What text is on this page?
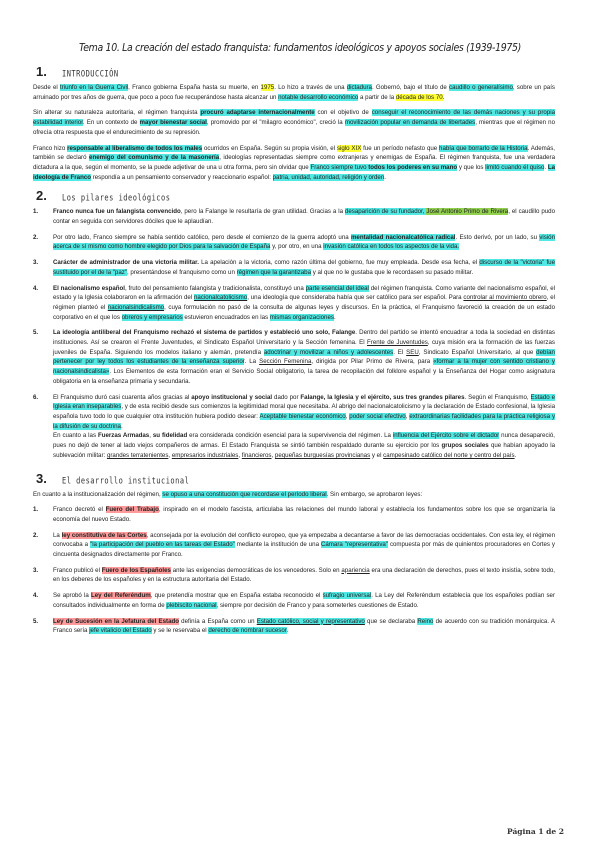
Tema 10. La creación del estado franquista: fundamentos ideológicos y apoyos sociales (1939-1975)
1.	INTRODUCCIÓN

Desde el triunfo en la Guerra Civil, Franco gobierna España hasta su muerte, en 1975. Lo hizo a través de una dictadura. Gobernó, bajo el título de caudillo o generalísimo, sobre un país arruinado por tres años de guerra, que poco a poco fue recuperándose hasta alcanzar un notable desarrollo económico a partir de la década de los 70.

Sin alterar su naturaleza autoritaria, el régimen franquista procuró adaptarse internacionalmente con el objetivo de conseguir el reconocimiento de las demás naciones y su propia estabilidad interior. En un contexto de mayor bienestar social, promovido por el "milagro económico", creció la movilización popular en demanda de libertades, mientras que el régimen no ofrecía otra respuesta que el endurecimiento de su represión.

Franco hizo responsable al liberalismo de todos los males ocurridos en España. Según su propia visión, el siglo XIX fue un período nefasto que había que borrarlo de la Historia. Además, también se declaró enemigo del comunismo y de la masonería, ideologías representadas siempre como extranjeras y enemigas de España. El régimen franquista, fue una verdadera dictadura a la que, según el momento, se la puede adjetivar de una u otra forma, pero sin olvidar que Franco siempre tuvo todos los poderes en su mano y que los limitó cuando él quiso. La ideología de Franco respondía a un pensamiento conservador y reaccionario español: patria, unidad, autoridad, religión y orden.

2.	Los pilares ideológicos
1. Franco nunca fue un falangista convencido, pero la Falange le resultaría de gran utilidad. Gracias a la desaparición de su fundador, José Antonio Primo de Rivera, el caudillo pudo contar en seguida con servidores dóciles que le aplaudían.
2. Por otro lado, Franco siempre se había sentido católico, pero desde el comienzo de la guerra adoptó una mentalidad nacionalcatólica radical. Esto derivó, por un lado, su visión acerca de sí mismo como hombre elegido por Dios para la salvación de España y, por otro, en una invasión católica en todos los aspectos de la vida.
3. Carácter de administrador de una victoria militar. La apelación a la victoria, como razón última del gobierno, fue muy empleada. Desde esa fecha, el discurso de la "victoria" fue sustituido por el de la "paz", presentándose el franquismo como un régimen que la garantizaba y al que no le gustaba que le recordasen su pasado militar.
4. El nacionalismo español, fruto del pensamiento falangista y tradicionalista, constituyó una parte esencial del ideal del régimen franquista. Como variante del nacionalismo español, el estado y la Iglesia colaboraron en la afirmación del nacionalcatolicismo, una ideología que consideraba había que ser católico para ser español. Para controlar al movimiento obrero, el régimen planteó el nacionalsindicalismo, cuya formulación no pasó de la consulta de algunas leyes y discursos. En la práctica, el Franquismo favoreció la creación de un estado corporativo en el que los obreros y empresarios estuvieron encuadrados en las mismas organizaciones.
5. La ideología antiliberal del Franquismo rechazó el sistema de partidos y estableció uno solo, Falange. Dentro del partido se intentó encuadrar a toda la sociedad en distintas instituciones. Así se crearon el Frente Juventudes, el Sindicato Español Universitario y la Sección femenina. El Frente de Juventudes, cuya misión era la formación de las fuerzas juveniles de España. Siguiendo los modelos italiano y alemán, pretendía adoctrinar y movilizar a niños y adolescentes. El SEU, Sindicato Español Universitario, al que debían pertenecer por ley todos los estudiantes de la enseñanza superior. La Sección Femenina, dirigida por Pilar Primo de Rivera, para «formar a la mujer con sentido cristiano y nacionalsindicalista». Los Elementos de esta formación eran el Servicio Social obligatorio, la tarea de recopilación del folklore español y la Enseñanza del Hogar como asignatura obligatoria en la enseñanza primaria y secundaria.
6. El Franquismo duró casi cuarenta años gracias al apoyo institucional y social dado por Falange, la Iglesia y el ejército, sus tres grandes pilares. Según el Franquismo, Estado e Iglesia eran inseparables, y de esta recibió desde sus comienzos la legitimidad moral que necesitaba. Al abrigo del nacionalcatolicismo y la declaración de Estado confesional, la Iglesia española tuvo todo lo que cualquier otra institución hubiera podido desear: Aceptable bienestar económico, poder social efectivo, extraordinarias facilidades para la práctica religiosa y la difusión de su doctrina.
En cuanto a las Fuerzas Armadas, su fidelidad era considerada condición esencial para la supervivencia del régimen. La influencia del Ejército sobre el dictador nunca desapareció, pues no dejó de tener al lado viejos compañeros de armas. El Estado Franquista se sintió también respaldado durante su ejercicio por los grupos sociales que habían apoyado la sublevación militar: grandes terratenientes, empresarios industriales, financieros, pequeñas burguesías provincianas y el campesinado católico del norte y centro del país.
3.	El desarrollo institucional

En cuanto a la institucionalización del régimen, se opuso a una constitución que recordase el período liberal. Sin embargo, se aprobaron leyes:

1. Franco decretó el Fuero del Trabajo, inspirado en el modelo fascista, articulaba las relaciones del mundo laboral y establecía los fundamentos sobre los que se organizaría la economía del nuevo Estado.
2. La ley constitutiva de las Cortes, aconsejada por la evolución del conflicto europeo, que ya empezaba a decantarse a favor de las democracias occidentales. Con esta ley, el régimen convocaba a "la participación del pueblo en las tareas del Estado" mediante la institución de una Cámara "representativa" compuesta por más de quinientos procuradores en Cortes y cincuenta designados directamente por Franco.
3. Franco publicó el Fuero de los Españoles ante las exigencias democráticas de los vencedores. Solo en apariencia era una declaración de derechos, pues el texto insistía, sobre todo, en los deberes de los españoles y en la estructura autoritaria del Estado.
4. Se aprobó la Ley del Referéndum, que pretendía mostrar que en España estaba reconocido el sufragio universal. La Ley del Referéndum establecía que los españoles podían ser consultados individualmente en forma de plebiscito nacional, siempre por decisión de Franco y para someterles cuestiones de Estado.
5. Ley de Sucesión en la Jefatura del Estado definía a España como un Estado católico, social y representativo que se declaraba Reino de acuerdo con su tradición monárquica. A Franco sería jefe vitalicio del Estado y se le reservaba el derecho de nombrar sucesor.
Página 1 de 2
